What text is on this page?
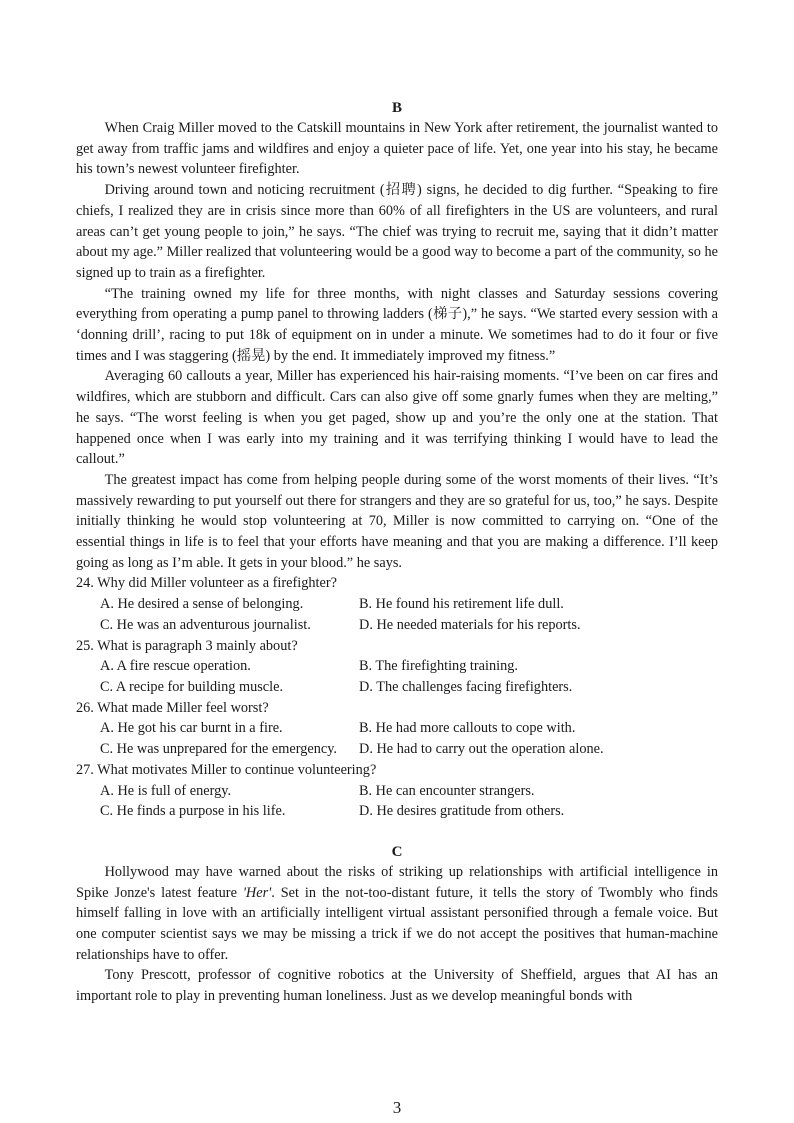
B

When Craig Miller moved to the Catskill mountains in New York after retirement, the journalist wanted to get away from traffic jams and wildfires and enjoy a quieter pace of life. Yet, one year into his stay, he became his town’s newest volunteer firefighter.

Driving around town and noticing recruitment (招聘) signs, he decided to dig further. “Speaking to fire chiefs, I realized they are in crisis since more than 60% of all firefighters in the US are volunteers, and rural areas can’t get young people to join,” he says. “The chief was trying to recruit me, saying that it didn’t matter about my age.” Miller realized that volunteering would be a good way to become a part of the community, so he signed up to train as a firefighter.

“The training owned my life for three months, with night classes and Saturday sessions covering everything from operating a pump panel to throwing ladders (梯子),” he says. “We started every session with a ‘donning drill’, racing to put 18k of equipment on in under a minute. We sometimes had to do it four or five times and I was staggering (摇晃) by the end. It immediately improved my fitness.”

Averaging 60 callouts a year, Miller has experienced his hair-raising moments. “I’ve been on car fires and wildfires, which are stubborn and difficult. Cars can also give off some gnarly fumes when they are melting,” he says. “The worst feeling is when you get paged, show up and you’re the only one at the station. That happened once when I was early into my training and it was terrifying thinking I would have to lead the callout.”

The greatest impact has come from helping people during some of the worst moments of their lives. “It’s massively rewarding to put yourself out there for strangers and they are so grateful for us, too,” he says. Despite initially thinking he would stop volunteering at 70, Miller is now committed to carrying on. “One of the essential things in life is to feel that your efforts have meaning and that you are making a difference. I’ll keep going as long as I’m able. It gets in your blood.” he says.

24. Why did Miller volunteer as a firefighter?

A. He desired a sense of belonging.	B. He found his retirement life dull.
C. He was an adventurous journalist.	D. He needed materials for his reports.

25. What is paragraph 3 mainly about?

A. A fire rescue operation.	B. The firefighting training.
C. A recipe for building muscle.	D. The challenges facing firefighters.

26. What made Miller feel worst?

A. He got his car burnt in a fire.	B. He had more callouts to cope with.
C. He was unprepared for the emergency.	D. He had to carry out the operation alone.

27. What motivates Miller to continue volunteering?

A. He is full of energy.	B. He can encounter strangers.
C. He finds a purpose in his life.	D. He desires gratitude from others.
C

Hollywood may have warned about the risks of striking up relationships with artificial intelligence in Spike Jonze's latest feature 'Her'. Set in the not-too-distant future, it tells the story of Twombly who finds himself falling in love with an artificially intelligent virtual assistant personified through a female voice. But one computer scientist says we may be missing a trick if we do not accept the positives that human-machine relationships have to offer.

Tony Prescott, professor of cognitive robotics at the University of Sheffield, argues that AI has an important role to play in preventing human loneliness. Just as we develop meaningful bonds with

3
